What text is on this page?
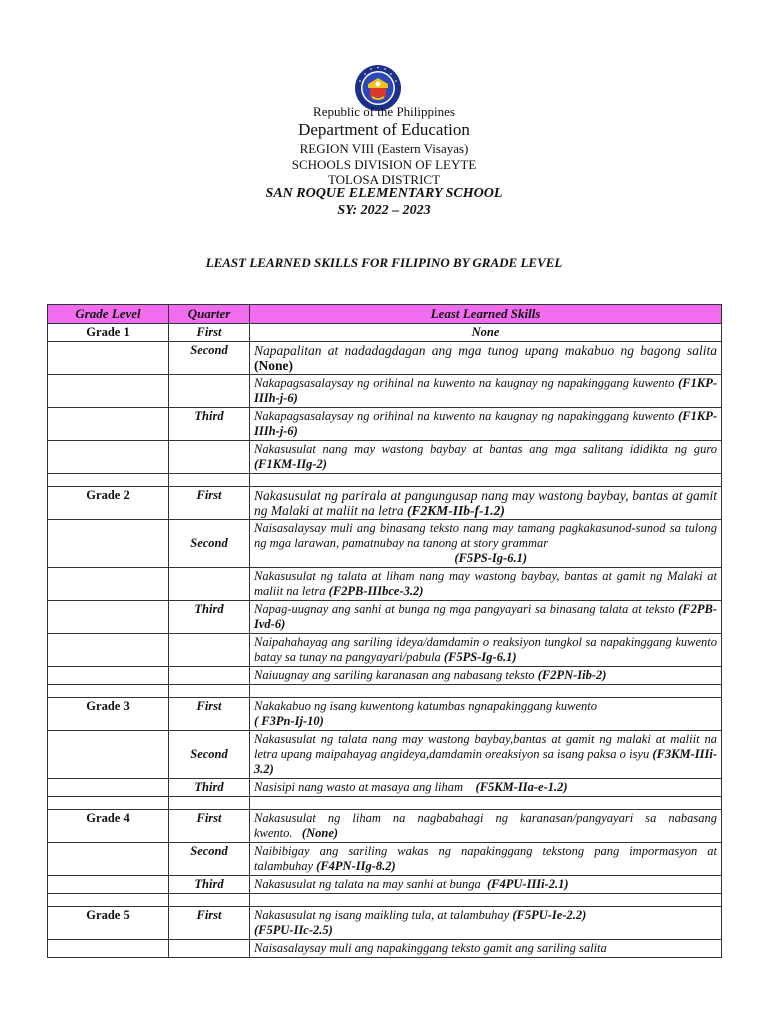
Republic of the Philippines
Department of Education
REGION VIII (Eastern Visayas)
SCHOOLS DIVISION OF LEYTE
TOLOSA DISTRICT
SAN ROQUE ELEMENTARY SCHOOL
SY: 2022 – 2023
LEAST LEARNED SKILLS FOR FILIPINO BY GRADE LEVEL
Grade Level	Quarter	Least Learned Skills
Grade 1	First	None
	Second	Napapalitan at nadadagdagan ang mga tunog upang makabuo ng bagong salita (None)
		Nakapagsasalaysay ng orihinal na kuwento na kaugnay ng napakinggang kuwento (F1KP-IIIh-j-6)
	Third	Nakapagsasalaysay ng orihinal na kuwento na kaugnay ng napakinggang kuwento (F1KP-IIIh-j-6)
		Nakasusulat nang may wastong baybay at bantas ang mga salitang ididikta ng guro (F1KM-IIg-2)

Grade 2	First	Nakasusulat ng parirala at pangungusap nang may wastong baybay, bantas at gamit ng Malaki at maliit na letra (F2KM-IIb-f-1.2)
	Second	Naisasalaysay muli ang binasang teksto nang may tamang pagkakasunod-sunod sa tulong ng mga larawan, pamatnubay na tanong at story grammar
(F5PS-Ig-6.1)

		Nakasusulat ng talata at liham nang may wastong baybay, bantas at gamit ng Malaki at maliit na letra (F2PB-IIIbce-3.2)
	Third	Napag-uugnay ang sanhi at bunga ng mga pangyayari sa binasang talata at teksto (F2PB-Ivd-6)
		Naipahahayag ang sariling ideya/damdamin o reaksiyon tungkol sa napakinggang kuwento batay sa tunay na pangyayari/pabula (F5PS-Ig-6.1)
		Naiuugnay ang sariling karanasan ang nabasang teksto (F2PN-Iib-2)

Grade 3	First	Nakakabuo ng isang kuwentong katumbas ngnapakinggang kuwento
( F3Pn-Ij-10)
	Second	Nakasusulat ng talata nang may wastong baybay,bantas at gamit ng malaki at maliit na letra upang maipahayag angideya,damdamin oreaksiyon sa isang paksa o isyu (F3KM-IIIi-3.2)
	Third	Nasisipi nang wasto at masaya ang liham (F5KM-IIa-e-1.2)

Grade 4	First	Nakasusulat ng liham na nagbabahagi ng karanasan/pangyayari sa nabasang kwento. (None)
	Second	Naibibigay ang sariling wakas ng napakinggang tekstong pang impormasyon at talambuhay (F4PN-IIg-8.2)
	Third	Nakasusulat ng talata na may sanhi at bunga (F4PU-IIIi-2.1)

Grade 5	First	Nakasusulat ng isang maikling tula, at talambuhay (F5PU-Ie-2.2)
(F5PU-IIc-2.5)
		Naisasalaysay muli ang napakinggang teksto gamit ang sariling salita
